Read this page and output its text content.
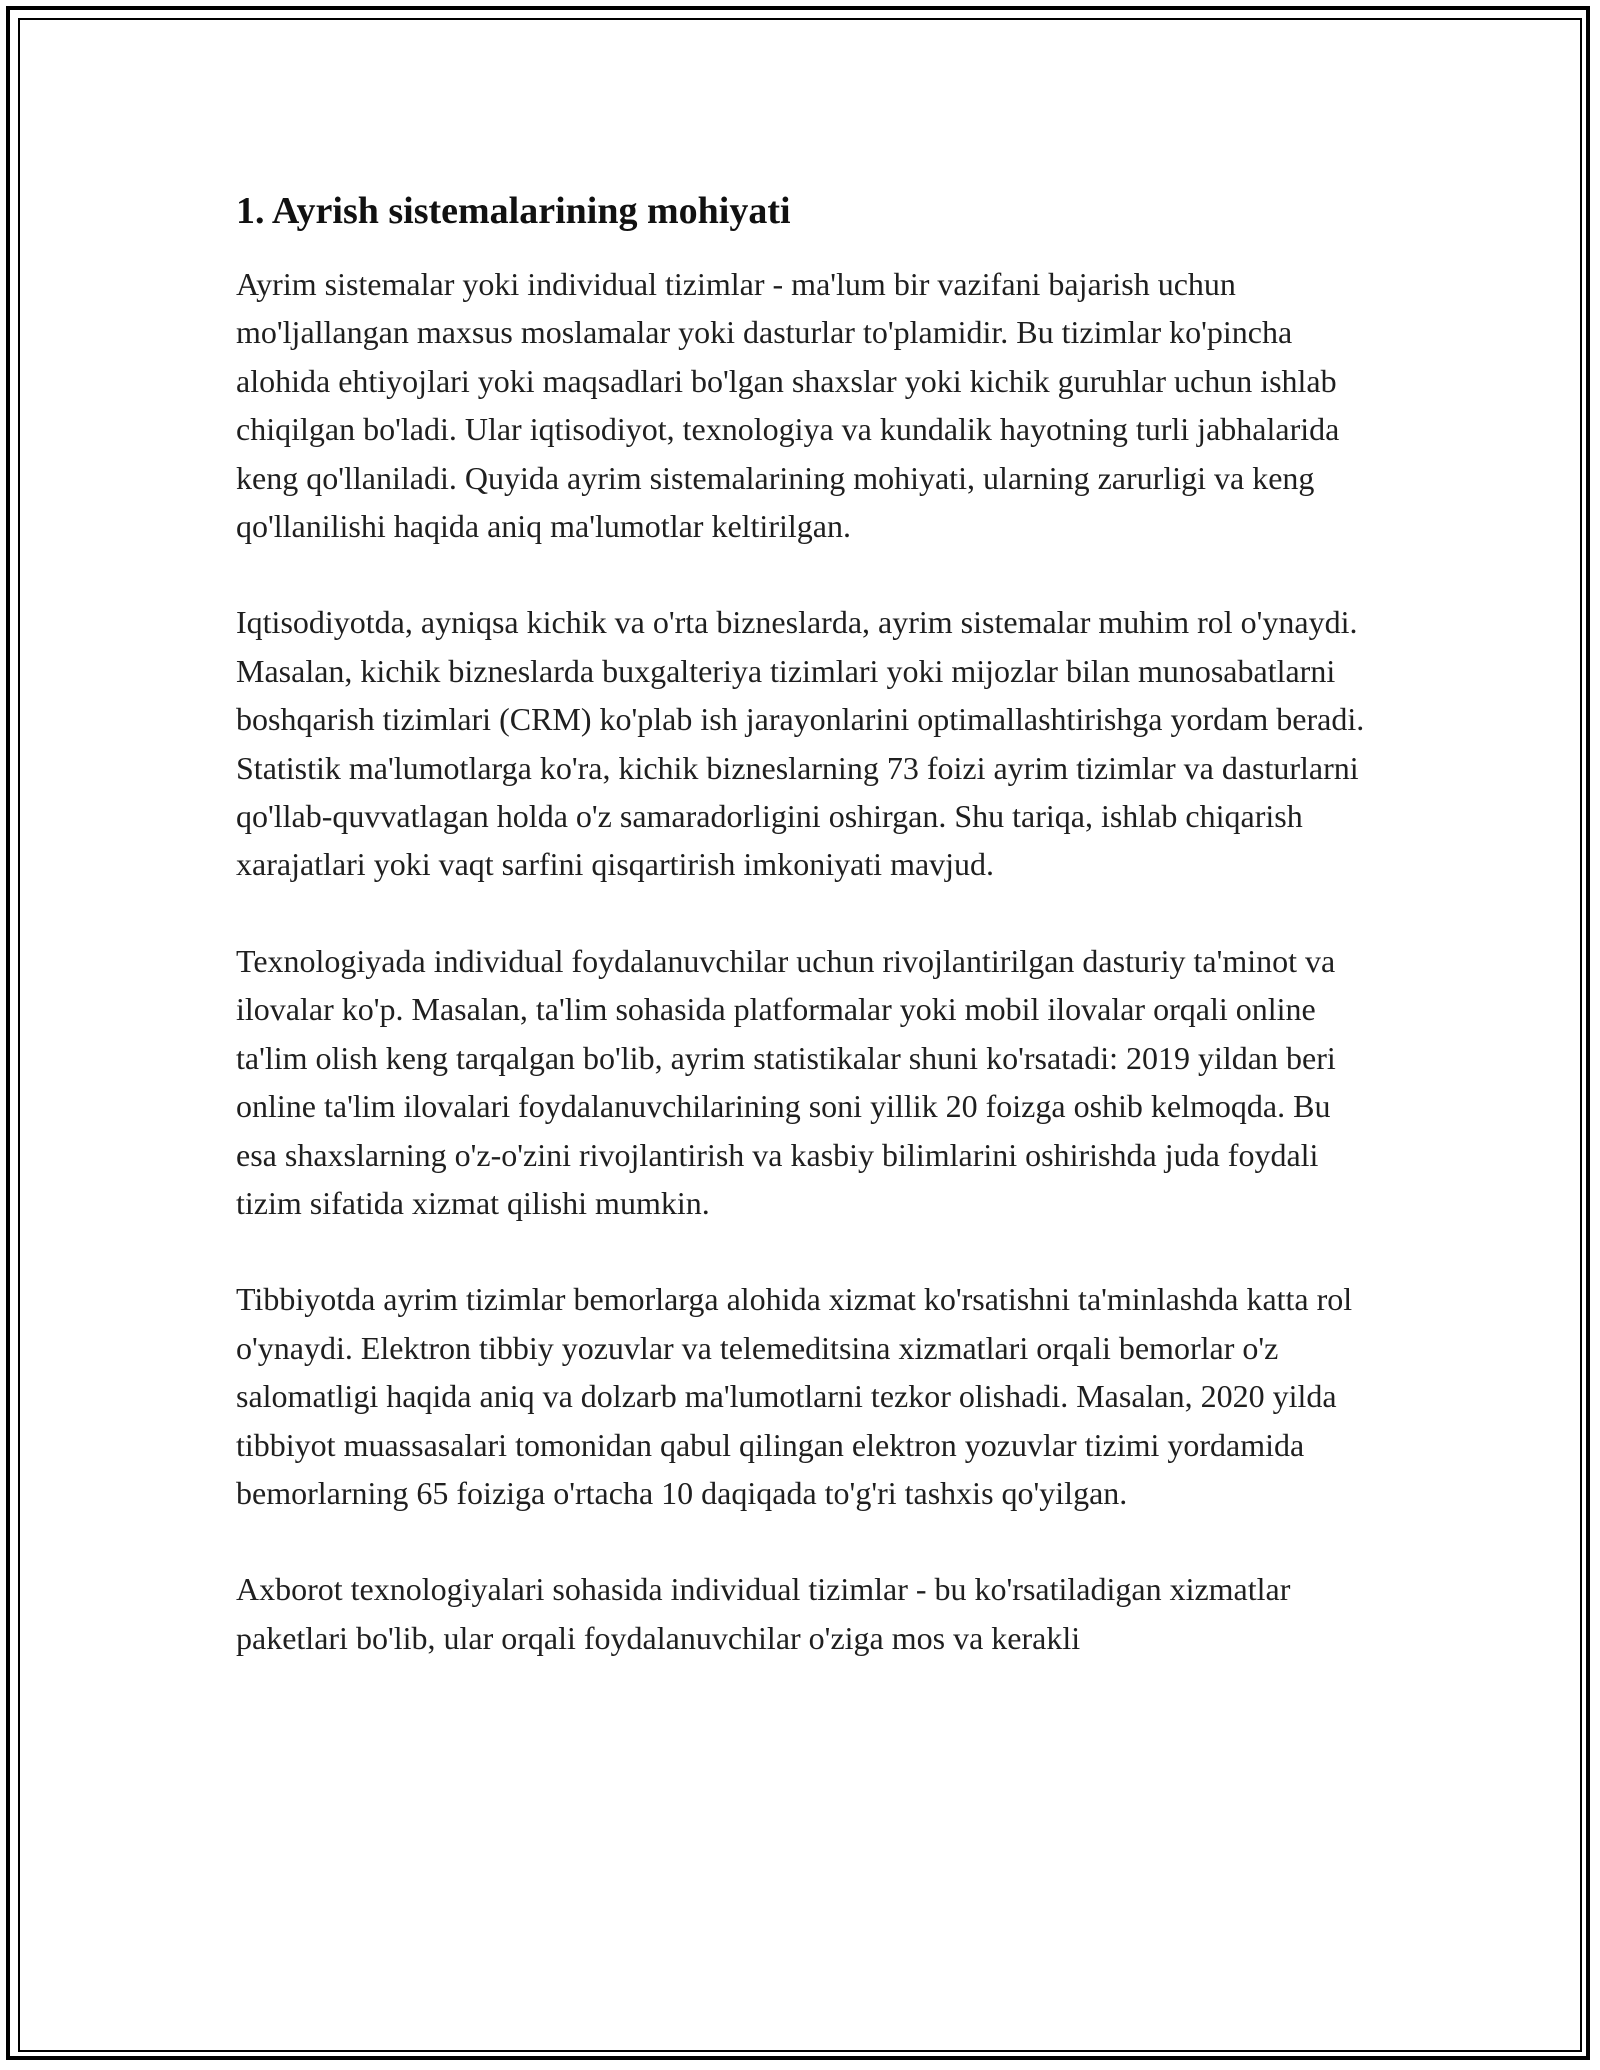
1. Ayrish sistemalarining mohiyati

Ayrim sistemalar yoki individual tizimlar - ma'lum bir vazifani bajarish uchun mo'ljallangan maxsus moslamalar yoki dasturlar to'plamidir. Bu tizimlar ko'pincha alohida ehtiyojlari yoki maqsadlari bo'lgan shaxslar yoki kichik guruhlar uchun ishlab chiqilgan bo'ladi. Ular iqtisodiyot, texnologiya va kundalik hayotning turli jabhalarida keng qo'llaniladi. Quyida ayrim sistemalarining mohiyati, ularning zarurligi va keng qo'llanilishi haqida aniq ma'lumotlar keltirilgan.

Iqtisodiyotda, ayniqsa kichik va o'rta bizneslarda, ayrim sistemalar muhim rol o'ynaydi. Masalan, kichik bizneslarda buxgalteriya tizimlari yoki mijozlar bilan munosabatlarni boshqarish tizimlari (CRM) ko'plab ish jarayonlarini optimallashtirishga yordam beradi. Statistik ma'lumotlarga ko'ra, kichik bizneslarning 73 foizi ayrim tizimlar va dasturlarni qo'llab-quvvatlagan holda o'z samaradorligini oshirgan. Shu tariqa, ishlab chiqarish xarajatlari yoki vaqt sarfini qisqartirish imkoniyati mavjud.

Texnologiyada individual foydalanuvchilar uchun rivojlantirilgan dasturiy ta'minot va ilovalar ko'p. Masalan, ta'lim sohasida platformalar yoki mobil ilovalar orqali online ta'lim olish keng tarqalgan bo'lib, ayrim statistikalar shuni ko'rsatadi: 2019 yildan beri online ta'lim ilovalari foydalanuvchilarining soni yillik 20 foizga oshib kelmoqda. Bu esa shaxslarning o'z-o'zini rivojlantirish va kasbiy bilimlarini oshirishda juda foydali tizim sifatida xizmat qilishi mumkin.

Tibbiyotda ayrim tizimlar bemorlarga alohida xizmat ko'rsatishni ta'minlashda katta rol o'ynaydi. Elektron tibbiy yozuvlar va telemeditsina xizmatlari orqali bemorlar o'z salomatligi haqida aniq va dolzarb ma'lumotlarni tezkor olishadi. Masalan, 2020 yilda tibbiyot muassasalari tomonidan qabul qilingan elektron yozuvlar tizimi yordamida bemorlarning 65 foiziga o'rtacha 10 daqiqada to'g'ri tashxis qo'yilgan.

Axborot texnologiyalari sohasida individual tizimlar - bu ko'rsatiladigan xizmatlar paketlari bo'lib, ular orqali foydalanuvchilar o'ziga mos va kerakli
